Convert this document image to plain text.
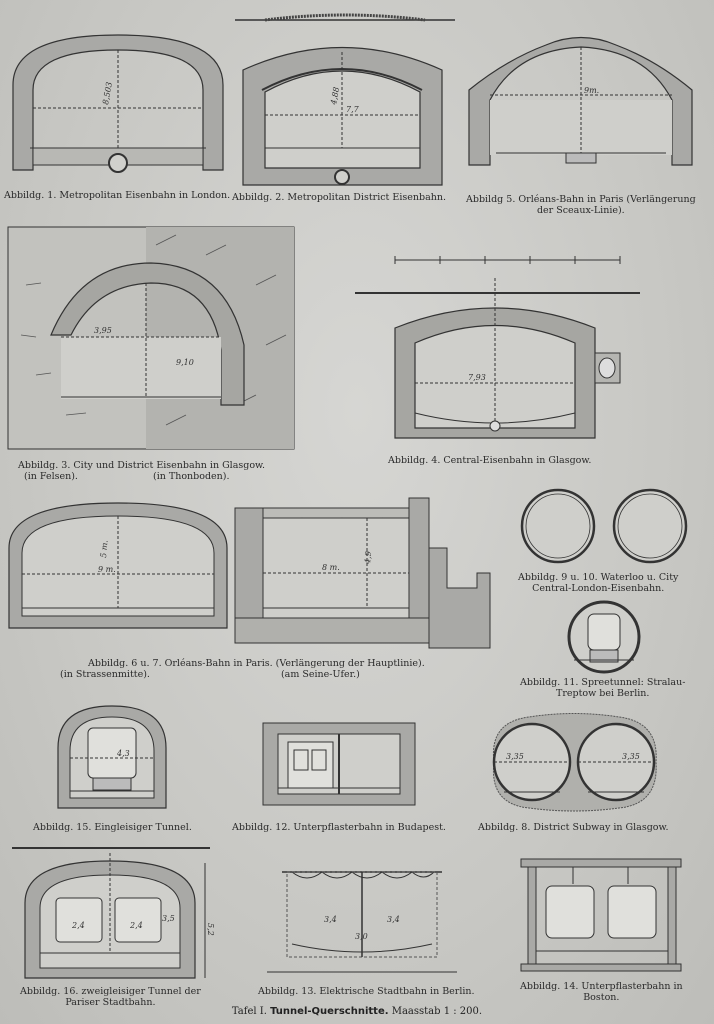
8,503
Abbildg. 1. Metropolitan Eisenbahn in London.
4,88
7,7
Abbildg. 2. Metropolitan District Eisenbahn.
9m.
Abbildg 5. Orléans-Bahn in Paris (Verlängerung
der Sceaux-Linie).
3,95
9,10
Abbildg. 3. City und District Eisenbahn in Glasgow.
(in Felsen).	(in Thonboden).
7,93
Abbildg. 4. Central-Eisenbahn in Glasgow.
5 m.
9 m.	8 m.
4,9
Abbildg. 6 u. 7. Orléans-Bahn in Paris. (Verlängerung der Hauptlinie).
(in Strassenmitte).	(am Seine-Ufer.)
Abbildg. 9 u. 10. Waterloo u. City
Central-London-Eisenbahn.
Abbildg. 11. Spreetunnel: Stralau-
Treptow bei Berlin.
4,3
Abbildg. 15. Eingleisiger Tunnel.	Abbildg. 12. Unterpflasterbahn in Budapest.
3,35	3,35
Abbildg. 8. District Subway in Glasgow.
2,4	2,4
3,5
5,2
Abbildg. 16. zweigleisiger Tunnel der
Pariser Stadtbahn.
3,4	3,4
3,0
Abbildg. 13. Elektrische Stadtbahn in Berlin.	Abbildg. 14. Unterpflasterbahn in
Boston.
Tafel I. Tunnel-Querschnitte. Maasstab 1 : 200.
